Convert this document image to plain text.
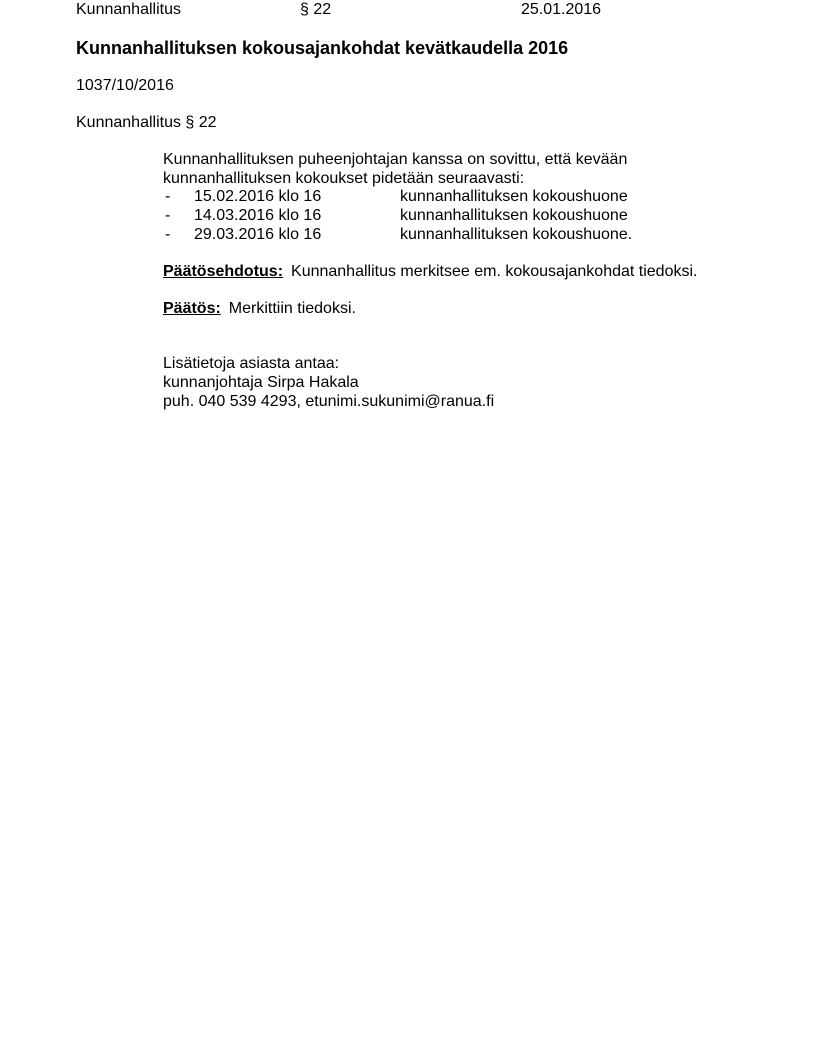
Kunnanhallitus	§ 22	25.01.2016
Kunnanhallituksen kokousajankohdat kevätkaudella 2016
1037/10/2016
Kunnanhallitus § 22
Kunnanhallituksen puheenjohtajan kanssa on sovittu, että kevään
kunnanhallituksen kokoukset pidetään seuraavasti:
- 15.02.2016 klo 16	kunnanhallituksen kokoushuone
- 14.03.2016 klo 16	kunnanhallituksen kokoushuone
- 29.03.2016 klo 16	kunnanhallituksen kokoushuone.
Päätösehdotus: Kunnanhallitus merkitsee em. kokousajankohdat tiedoksi.
Päätös: Merkittiin tiedoksi.
Lisätietoja asiasta antaa:
kunnanjohtaja Sirpa Hakala
puh. 040 539 4293, etunimi.sukunimi@ranua.fi
